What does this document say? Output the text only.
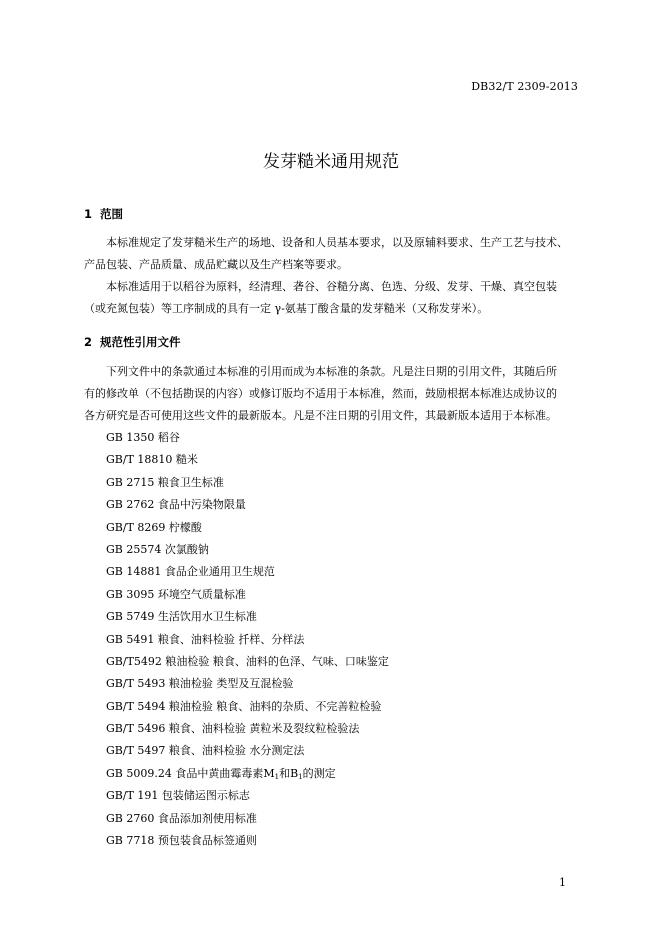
DB32/T 2309-2013
发芽糙米通用规范
1 范围
本标准规定了发芽糙米生产的场地、设备和人员基本要求，以及原辅料要求、生产工艺与技术、
产品包装、产品质量、成品贮藏以及生产档案等要求。
本标准适用于以稻谷为原料，经清理、砻谷、谷糙分离、色选、分级、发芽、干燥、真空包装
（或充氮包装）等工序制成的具有一定 γ-氨基丁酸含量的发芽糙米（又称发芽米）。
2 规范性引用文件
下列文件中的条款通过本标准的引用而成为本标准的条款。凡是注日期的引用文件，其随后所
有的修改单（不包括勘误的内容）或修订版均不适用于本标准，然而，鼓励根据本标准达成协议的
各方研究是否可使用这些文件的最新版本。凡是不注日期的引用文件，其最新版本适用于本标准。
GB 1350 稻谷
GB/T 18810 糙米
GB 2715 粮食卫生标准
GB 2762 食品中污染物限量
GB/T 8269 柠檬酸
GB 25574 次氯酸钠
GB 14881 食品企业通用卫生规范
GB 3095 环境空气质量标准
GB 5749 生活饮用水卫生标准
GB 5491 粮食、油料检验 扦样、分样法
GB/T5492 粮油检验 粮食、油料的色泽、气味、口味鉴定
GB/T 5493 粮油检验 类型及互混检验
GB/T 5494 粮油检验 粮食、油料的杂质、不完善粒检验
GB/T 5496 粮食、油料检验 黄粒米及裂纹粒检验法
GB/T 5497 粮食、油料检验 水分测定法
GB 5009.24 食品中黄曲霉毒素$M_1$和$B_1$的测定
GB/T 191 包装储运图示标志
GB 2760 食品添加剂使用标准
GB 7718 预包装食品标签通则
1
